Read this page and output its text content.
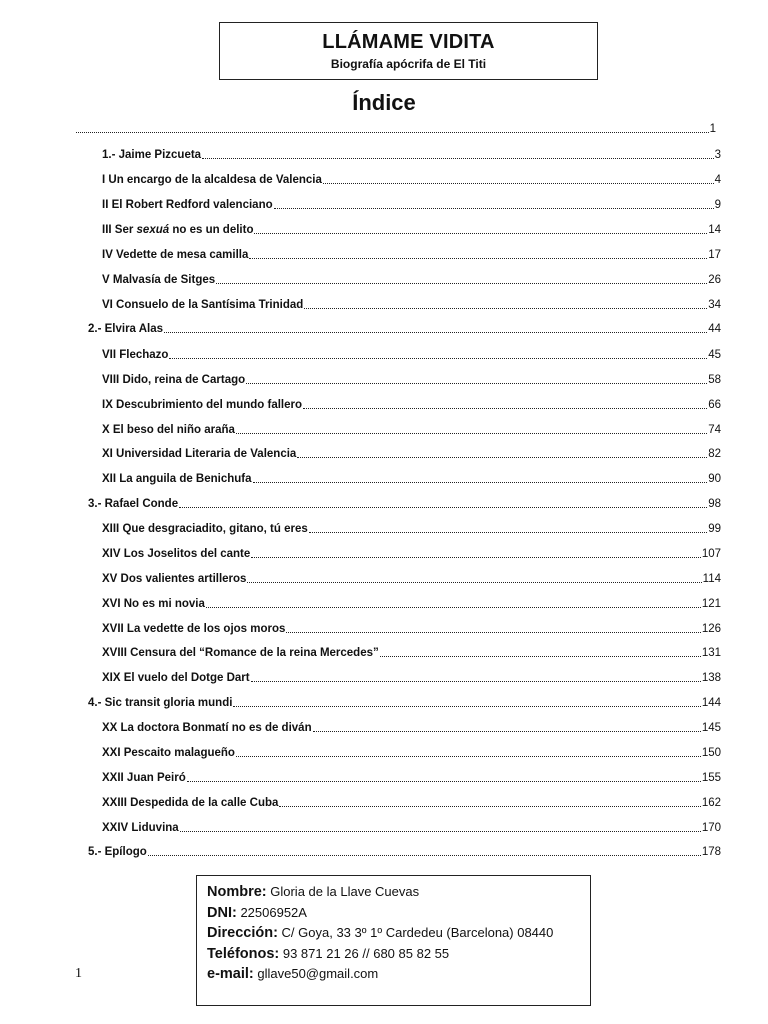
LLÁMAME VIDITA
Biografía apócrifa de El Titi
Índice
1
1.- Jaime Pizcueta	3
I Un encargo de la alcaldesa de Valencia	4
II El Robert Redford valenciano	9
III Ser sexuá no es un delito	14
IV Vedette de mesa camilla	17
V Malvasía de Sitges	26
VI Consuelo de la Santísima Trinidad	34
2.- Elvira Alas	44
VII Flechazo	45
VIII Dido, reina de Cartago	58
IX Descubrimiento del mundo fallero	66
X El beso del niño araña	74
XI Universidad Literaria de Valencia	82
XII La anguila de Benichufa	90
3.- Rafael Conde	98
XIII Que desgraciadito, gitano, tú eres	99
XIV Los Joselitos del cante	107
XV Dos valientes artilleros	114
XVI No es mi novia	121
XVII La vedette de los ojos moros	126
XVIII Censura del “Romance de la reina Mercedes”	131
XIX El vuelo del Dotge Dart	138
4.- Sic transit gloria mundi	144
XX La doctora Bonmatí no es de diván	145
XXI Pescaito malagueño	150
XXII Juan Peiró	155
XXIII Despedida de la calle Cuba	162
XXIV Liduvina	170
5.- Epílogo	178
Nombre: Gloria de la Llave Cuevas
DNI: 22506952A
Dirección: C/ Goya, 33 3º 1º Cardedeu (Barcelona) 08440
Teléfonos: 93 871 21 26 // 680 85 82 55
e-mail: gllave50@gmail.com
1
